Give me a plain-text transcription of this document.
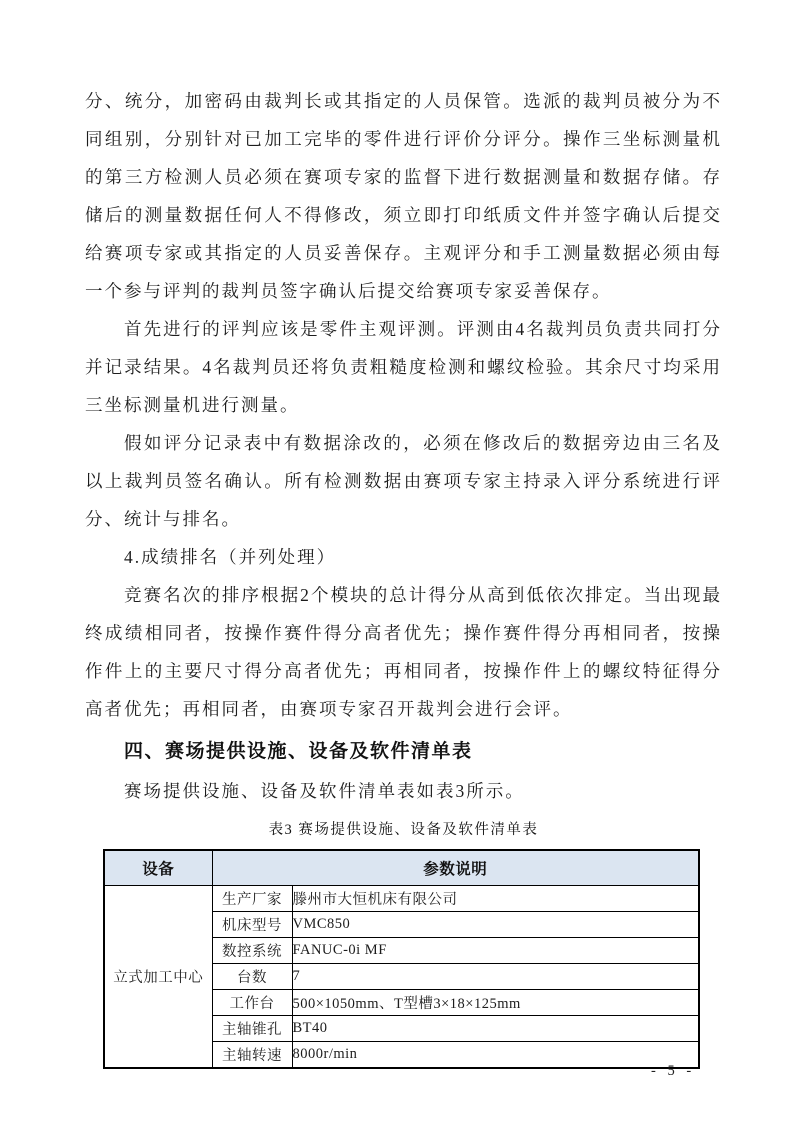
分、统分，加密码由裁判长或其指定的人员保管。选派的裁判员被分为不同组别，分别针对已加工完毕的零件进行评价分评分。操作三坐标测量机的第三方检测人员必须在赛项专家的监督下进行数据测量和数据存储。存储后的测量数据任何人不得修改，须立即打印纸质文件并签字确认后提交给赛项专家或其指定的人员妥善保存。主观评分和手工测量数据必须由每一个参与评判的裁判员签字确认后提交给赛项专家妥善保存。

首先进行的评判应该是零件主观评测。评测由4名裁判员负责共同打分并记录结果。4名裁判员还将负责粗糙度检测和螺纹检验。其余尺寸均采用三坐标测量机进行测量。

假如评分记录表中有数据涂改的，必须在修改后的数据旁边由三名及以上裁判员签名确认。所有检测数据由赛项专家主持录入评分系统进行评分、统计与排名。

4.成绩排名（并列处理）

竞赛名次的排序根据2个模块的总计得分从高到低依次排定。当出现最终成绩相同者，按操作赛件得分高者优先；操作赛件得分再相同者，按操作件上的主要尺寸得分高者优先；再相同者，按操作件上的螺纹特征得分高者优先；再相同者，由赛项专家召开裁判会进行会评。

四、赛场提供设施、设备及软件清单表

赛场提供设施、设备及软件清单表如表3所示。

表3 赛场提供设施、设备及软件清单表
设备	参数说明	
立式加工中心	生产厂家	滕州市大恒机床有限公司
	机床型号	VMC850
	数控系统	FANUC-0i MF
	台数	7
	工作台	500×1050mm、T型槽3×18×125mm
	主轴锥孔	BT40
	主轴转速	8000r/min
- 5 -
